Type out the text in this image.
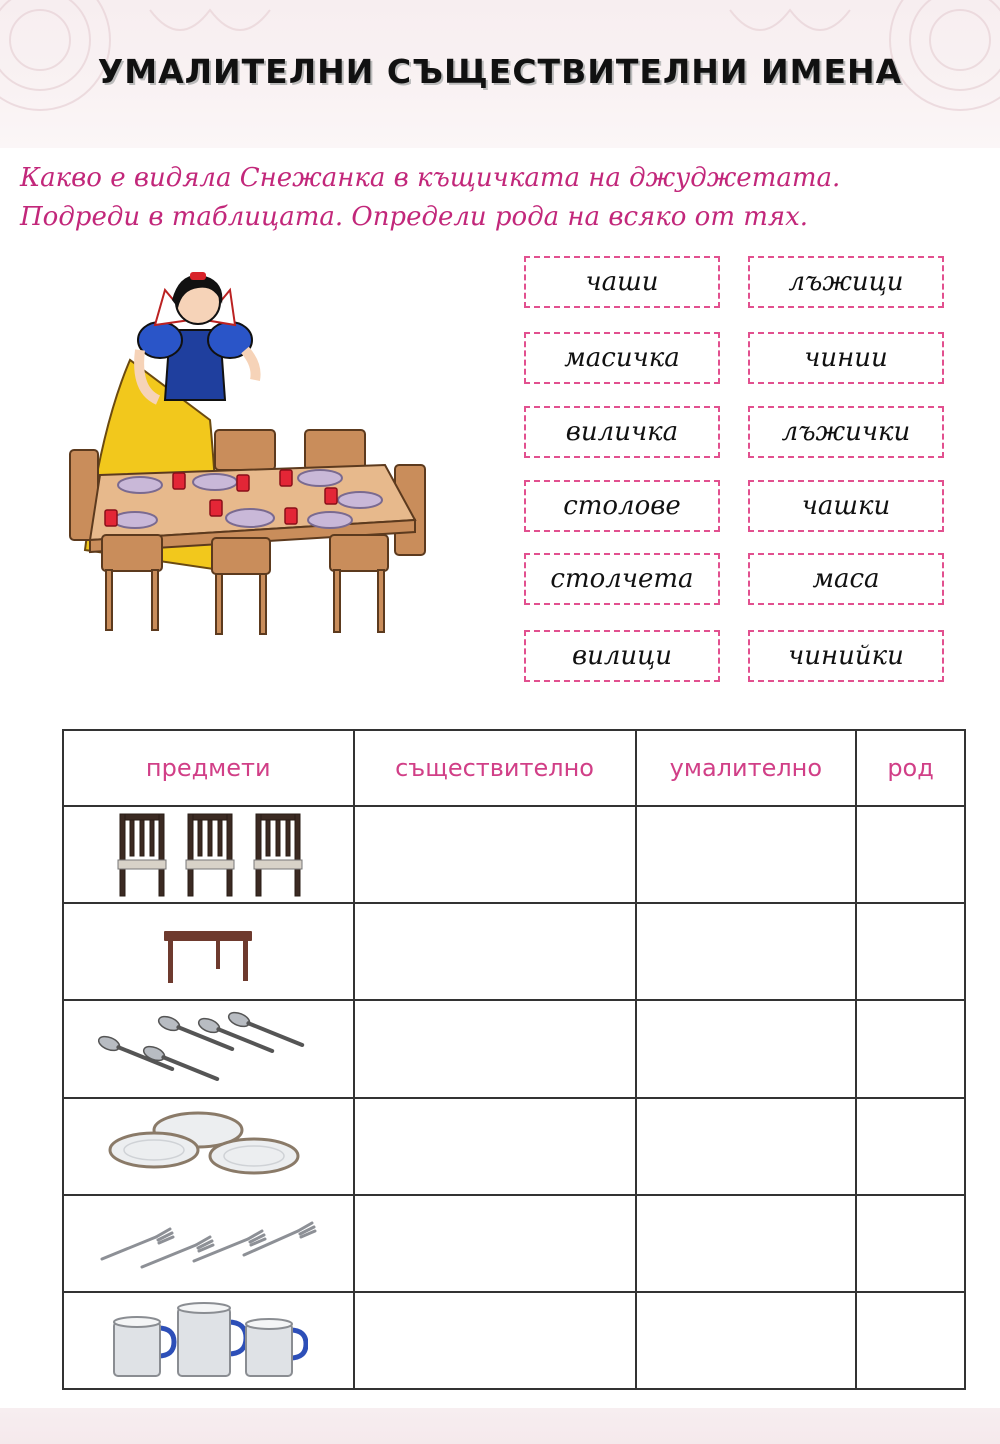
УМАЛИТЕЛНИ СЪЩЕСТВИТЕЛНИ ИМЕНА
Какво е видяла Снежанка в къщичката на джуджетата.
Подреди в таблицата. Определи рода на всяко от тях.
чаши	лъжици
масичка	чинии
виличка	лъжички
столове	чашки
столчета	маса
вилици	чинийки
предмети	съществително	умалително	род
